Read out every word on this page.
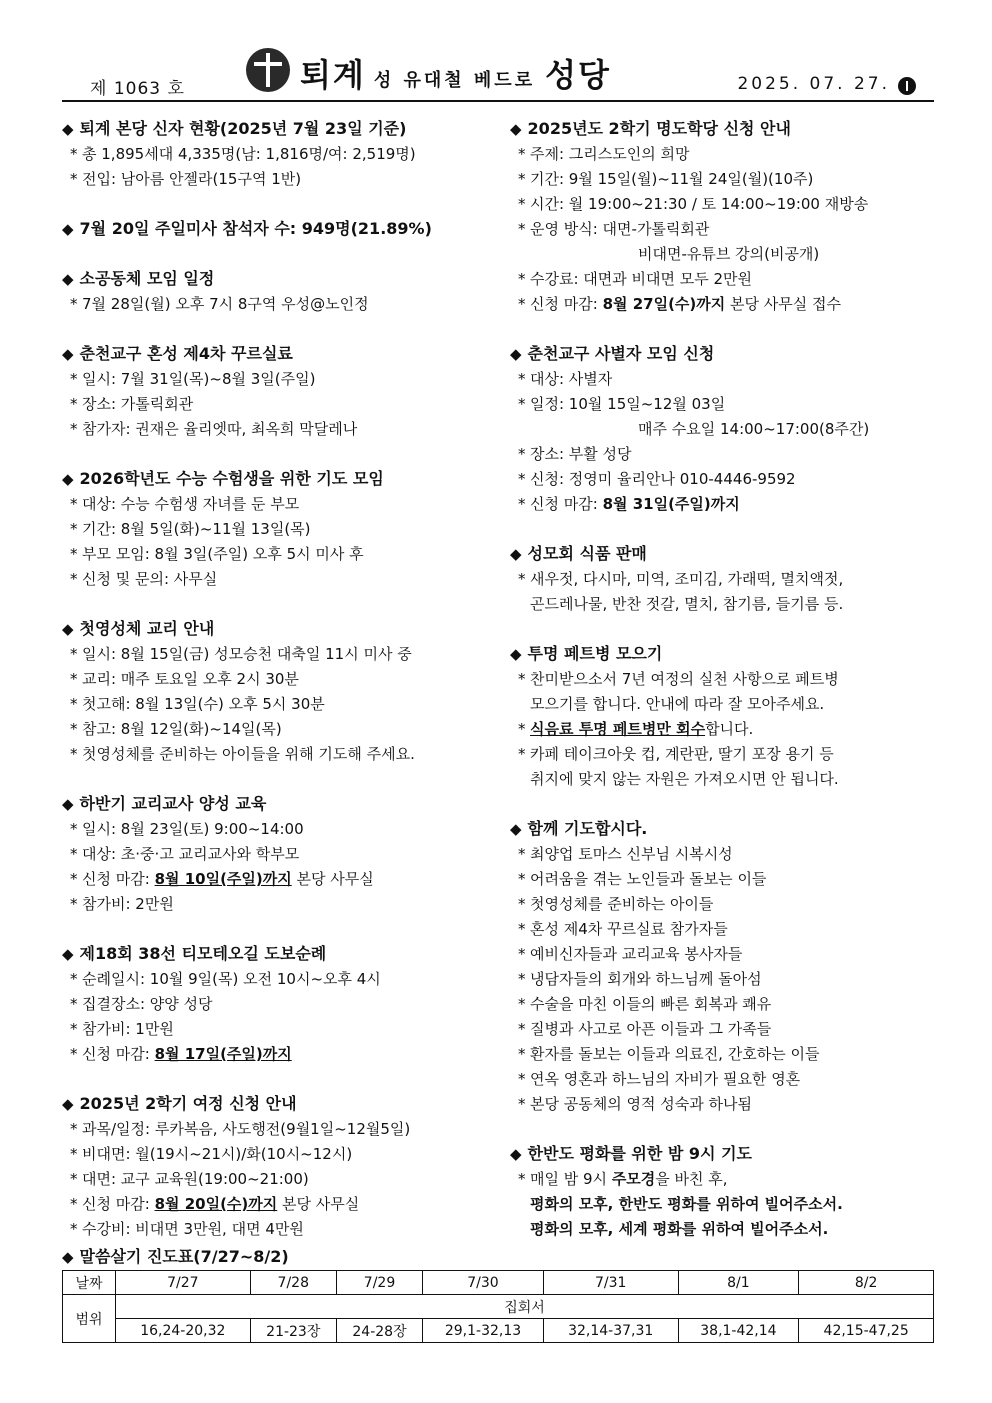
제 1063 호	퇴계 성 유대철 베드로 성당	2025. 07. 27.
◆ 퇴계 본당 신자 현황(2025년 7월 23일 기준)
* 총 1,895세대 4,335명(남: 1,816명/여: 2,519명)
* 전입: 남아름 안젤라(15구역 1반)
◆ 7월 20일 주일미사 참석자 수: 949명(21.89%)
◆ 소공동체 모임 일정
* 7월 28일(월) 오후 7시 8구역 우성@노인정
◆ 춘천교구 혼성 제4차 꾸르실료
* 일시: 7월 31일(목)~8월 3일(주일)
* 장소: 가톨릭회관
* 참가자: 권재은 율리엣따, 최옥희 막달레나
◆ 2026학년도 수능 수험생을 위한 기도 모임
* 대상: 수능 수험생 자녀를 둔 부모
* 기간: 8월 5일(화)~11월 13일(목)
* 부모 모임: 8월 3일(주일) 오후 5시 미사 후
* 신청 및 문의: 사무실
◆ 첫영성체 교리 안내
* 일시: 8월 15일(금) 성모승천 대축일 11시 미사 중
* 교리: 매주 토요일 오후 2시 30분
* 첫고해: 8월 13일(수) 오후 5시 30분
* 참고: 8월 12일(화)~14일(목)
* 첫영성체를 준비하는 아이들을 위해 기도해 주세요.
◆ 하반기 교리교사 양성 교육
* 일시: 8월 23일(토) 9:00~14:00
* 대상: 초·중·고 교리교사와 학부모
* 신청 마감: 8월 10일(주일)까지 본당 사무실
* 참가비: 2만원
◆ 제18회 38선 티모테오길 도보순례
* 순례일시: 10월 9일(목) 오전 10시~오후 4시
* 집결장소: 양양 성당
* 참가비: 1만원
* 신청 마감: 8월 17일(주일)까지
◆ 2025년 2학기 여정 신청 안내
* 과목/일정: 루카복음, 사도행전(9월1일~12월5일)
* 비대면: 월(19시~21시)/화(10시~12시)
* 대면: 교구 교육원(19:00~21:00)
* 신청 마감: 8월 20일(수)까지 본당 사무실
* 수강비: 비대면 3만원, 대면 4만원
◆ 2025년도 2학기 명도학당 신청 안내
* 주제: 그리스도인의 희망
* 기간: 9월 15일(월)~11월 24일(월)(10주)
* 시간: 월 19:00~21:30 / 토 14:00~19:00 재방송
* 운영 방식: 대면-가톨릭회관
비대면-유튜브 강의(비공개)
* 수강료: 대면과 비대면 모두 2만원
* 신청 마감: 8월 27일(수)까지 본당 사무실 접수
◆ 춘천교구 사별자 모임 신청
* 대상: 사별자
* 일정: 10월 15일~12월 03일
매주 수요일 14:00~17:00(8주간)
* 장소: 부활 성당
* 신청: 정영미 율리안나 010-4446-9592
* 신청 마감: 8월 31일(주일)까지
◆ 성모회 식품 판매
* 새우젓, 다시마, 미역, 조미김, 가래떡, 멸치액젓,
곤드레나물, 반찬 젓갈, 멸치, 참기름, 들기름 등.
◆ 투명 페트병 모으기
* 찬미받으소서 7년 여정의 실천 사항으로 페트병
모으기를 합니다. 안내에 따라 잘 모아주세요.
* 식음료 투명 페트병만 회수합니다.
* 카페 테이크아웃 컵, 계란판, 딸기 포장 용기 등
취지에 맞지 않는 자원은 가져오시면 안 됩니다.
◆ 함께 기도합시다.
* 최양업 토마스 신부님 시복시성
* 어려움을 겪는 노인들과 돌보는 이들
* 첫영성체를 준비하는 아이들
* 혼성 제4차 꾸르실료 참가자들
* 예비신자들과 교리교육 봉사자들
* 냉담자들의 회개와 하느님께 돌아섬
* 수술을 마친 이들의 빠른 회복과 쾌유
* 질병과 사고로 아픈 이들과 그 가족들
* 환자를 돌보는 이들과 의료진, 간호하는 이들
* 연옥 영혼과 하느님의 자비가 필요한 영혼
* 본당 공동체의 영적 성숙과 하나됨
◆ 한반도 평화를 위한 밤 9시 기도
* 매일 밤 9시 주모경을 바친 후,
평화의 모후, 한반도 평화를 위하여 빌어주소서.
평화의 모후, 세계 평화를 위하여 빌어주소서.
◆ 말씀살기 진도표(7/27~8/2)
날짜	7/27	7/28	7/29	7/30	7/31	8/1	8/2
범위	집회서						
	16,24-20,32	21-23장	24-28장	29,1-32,13	32,14-37,31	38,1-42,14	42,15-47,25
